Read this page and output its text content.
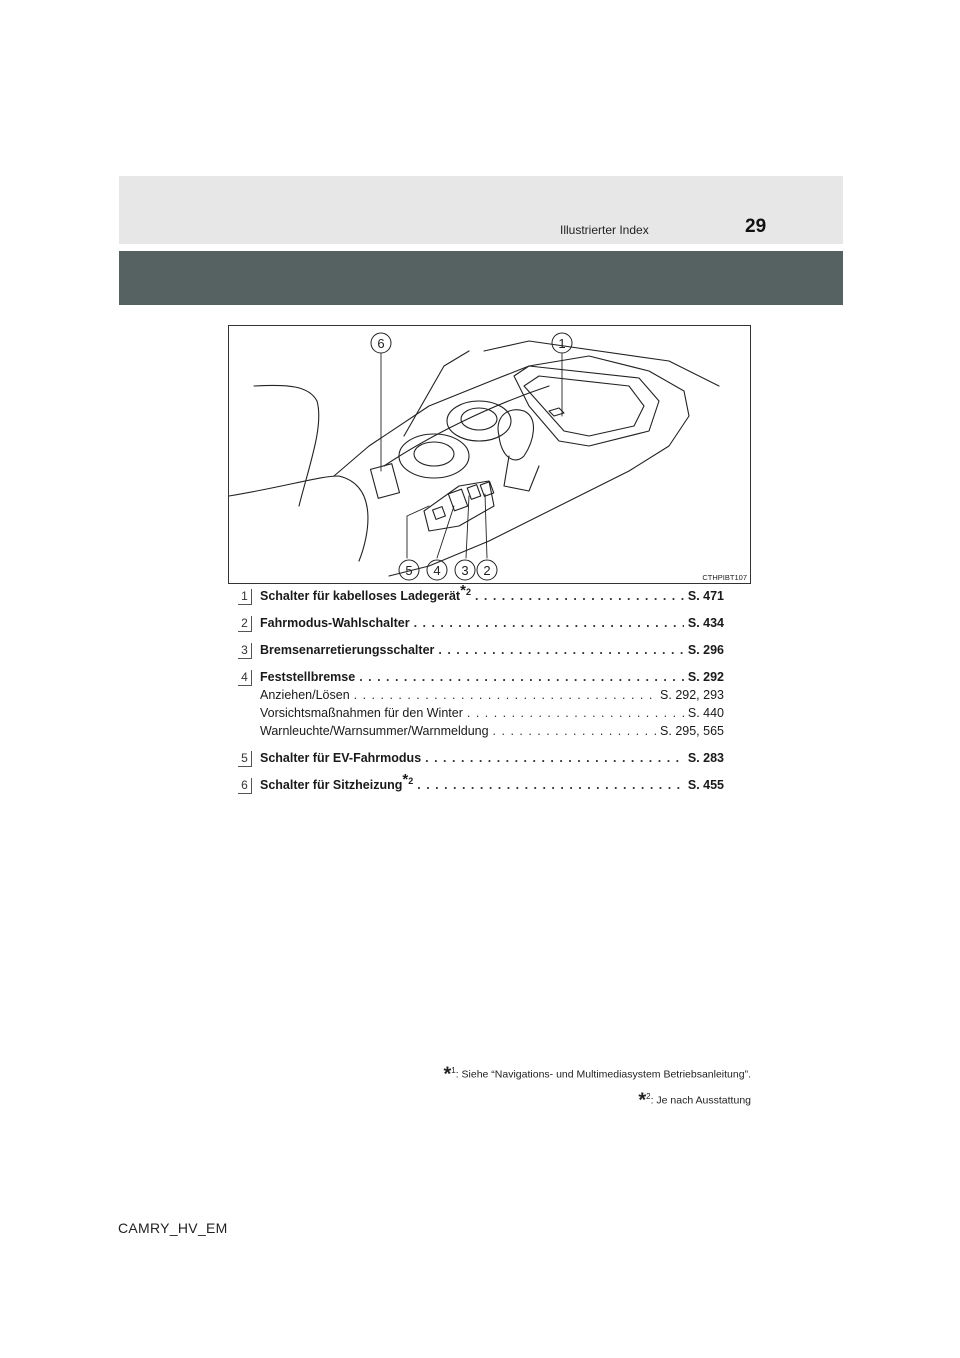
Illustrierter Index	29
6	1
5 4 3 2	CTHPIBT107
1 Schalter für kabelloses Ladegerät$^{*2}$ . . .	S. 471
2 Fahrmodus-Wahlschalter . . .	S. 434
3 Bremsenarretierungsschalter . . .	S. 296
4 Feststellbremse . . .	S. 292
Anziehen/Lösen . . .	S. 292, 293
Vorsichtsmaßnahmen für den Winter . . .	S. 440
Warnleuchte/Warnsummer/Warnmeldung . . .	S. 295, 565
5 Schalter für EV-Fahrmodus . . .	S. 283
6 Schalter für Sitzheizung$^{*2}$ . . .	S. 455
*$^1$: Siehe “Navigations- und Multimediasystem Betriebsanleitung”.
*$^2$: Je nach Ausstattung
CAMRY_HV_EM
